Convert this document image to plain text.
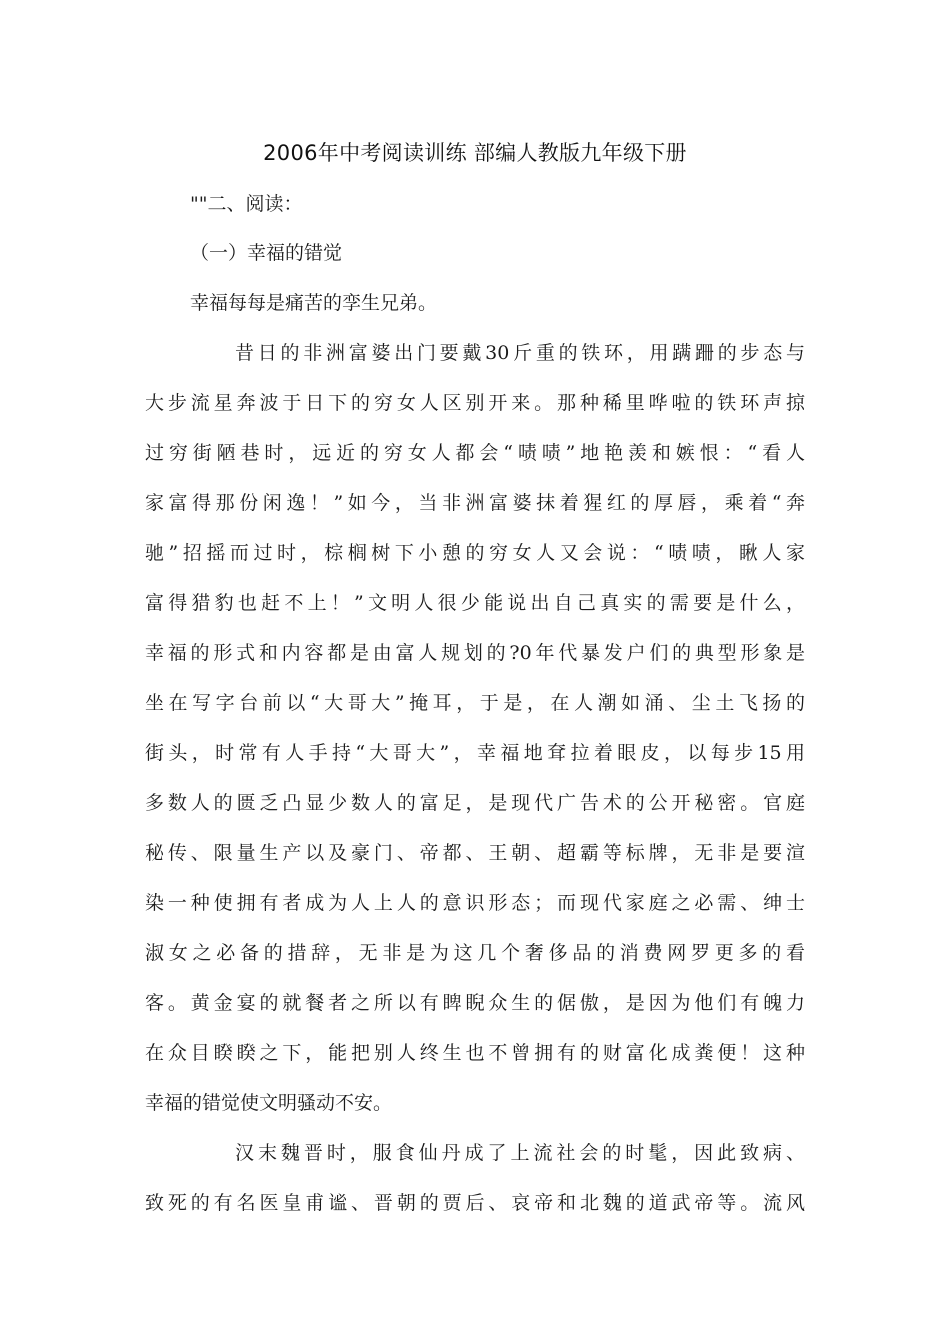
2006年中考阅读训练 部编人教版九年级下册
""二、阅读：
（一）幸福的错觉
幸福每每是痛苦的孪生兄弟。
昔日的非洲富婆出门要戴30斤重的铁环，用蹒跚的步态与
大步流星奔波于日下的穷女人区别开来。那种稀里哗啦的铁环声掠
过穷街陋巷时，远近的穷女人都会“啧啧”地艳羡和嫉恨：“看人
家富得那份闲逸！”如今，当非洲富婆抹着猩红的厚唇，乘着“奔
驰”招摇而过时，棕榈树下小憩的穷女人又会说：“啧啧，瞅人家
富得猎豹也赶不上！”文明人很少能说出自己真实的需要是什么，
幸福的形式和内容都是由富人规划的?0年代暴发户们的典型形象是
坐在写字台前以“大哥大”掩耳，于是，在人潮如涌、尘土飞扬的
街头，时常有人手持“大哥大”，幸福地耷拉着眼皮，以每步15用
多数人的匮乏凸显少数人的富足，是现代广告术的公开秘密。官庭
秘传、限量生产以及豪门、帝都、王朝、超霸等标牌，无非是要渲
染一种使拥有者成为人上人的意识形态；而现代家庭之必需、绅士
淑女之必备的措辞，无非是为这几个奢侈品的消费网罗更多的看
客。黄金宴的就餐者之所以有睥睨众生的倨傲，是因为他们有魄力
在众目睽睽之下，能把别人终生也不曾拥有的财富化成粪便！这种
幸福的错觉使文明骚动不安。
汉末魏晋时，服食仙丹成了上流社会的时髦，因此致病、
致死的有名医皇甫谧、晋朝的贾后、哀帝和北魏的道武帝等。流风
